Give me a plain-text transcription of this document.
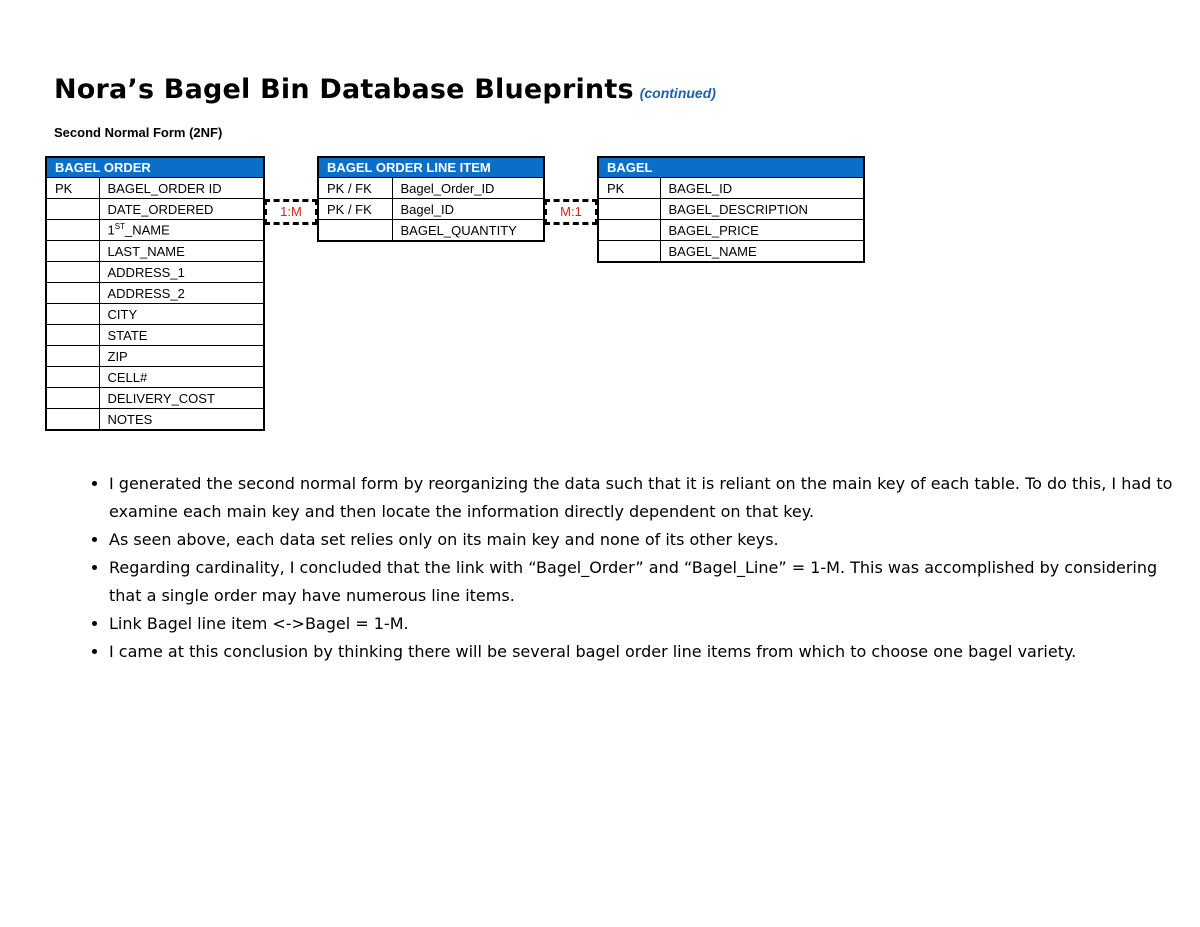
Nora’s Bagel Bin Database Blueprints (continued)
Second Normal Form (2NF)
BAGEL ORDER	
PK	BAGEL_ORDER ID
	DATE_ORDERED
	1ST_NAME
	LAST_NAME
	ADDRESS_1
	ADDRESS_2
	CITY
	STATE
	ZIP
	CELL#
	DELIVERY_COST
	NOTES
1:M
BAGEL ORDER LINE ITEM	
PK / FK	Bagel_Order_ID
PK / FK	Bagel_ID
	BAGEL_QUANTITY
M:1
BAGEL	
PK	BAGEL_ID
	BAGEL_DESCRIPTION
	BAGEL_PRICE
	BAGEL_NAME
• I generated the second normal form by reorganizing the data such that it is reliant on the main key of each table. To do this, I had to examine each main key and then locate the information directly dependent on that key.
• As seen above, each data set relies only on its main key and none of its other keys.
• Regarding cardinality, I concluded that the link with “Bagel_Order” and “Bagel_Line” = 1-M. This was accomplished by considering that a single order may have numerous line items.
• Link Bagel line item <->Bagel = 1-M.
• I came at this conclusion by thinking there will be several bagel order line items from which to choose one bagel variety.
